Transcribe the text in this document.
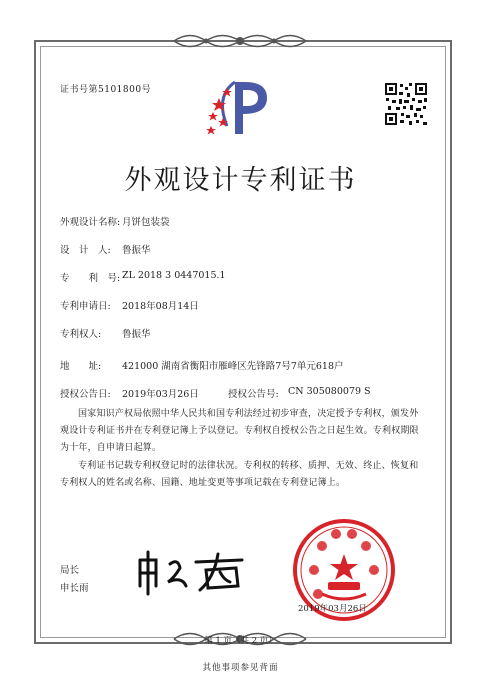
证书号第5101800号
外观设计专利证书
外观设计名称: 月饼包装袋
设　计　人: 鲁振华
专　　利　号: ZL 2018 3 0447015.1
专利申请日: 2018年08月14日
专利权人: 鲁振华
地　　址: 421000 湖南省衡阳市雁峰区先锋路7号7单元618户
授权公告日: 2019年03月26日	授权公告号: CN 305080079 S
国家知识产权局依照中华人民共和国专利法经过初步审查，决定授予专利权，颁发外观设计专利证书并在专利登记簿上予以登记。专利权自授权公告之日起生效。专利权期限为十年，自申请日起算。
专利证书记载专利权登记时的法律状况。专利权的转移、质押、无效、终止、恢复和专利权人的姓名或名称、国籍、地址变更等事项记载在专利登记簿上。
局长
申长雨
2019年03月26日
第 1 页（共 2 页）
其他事项参见背面
